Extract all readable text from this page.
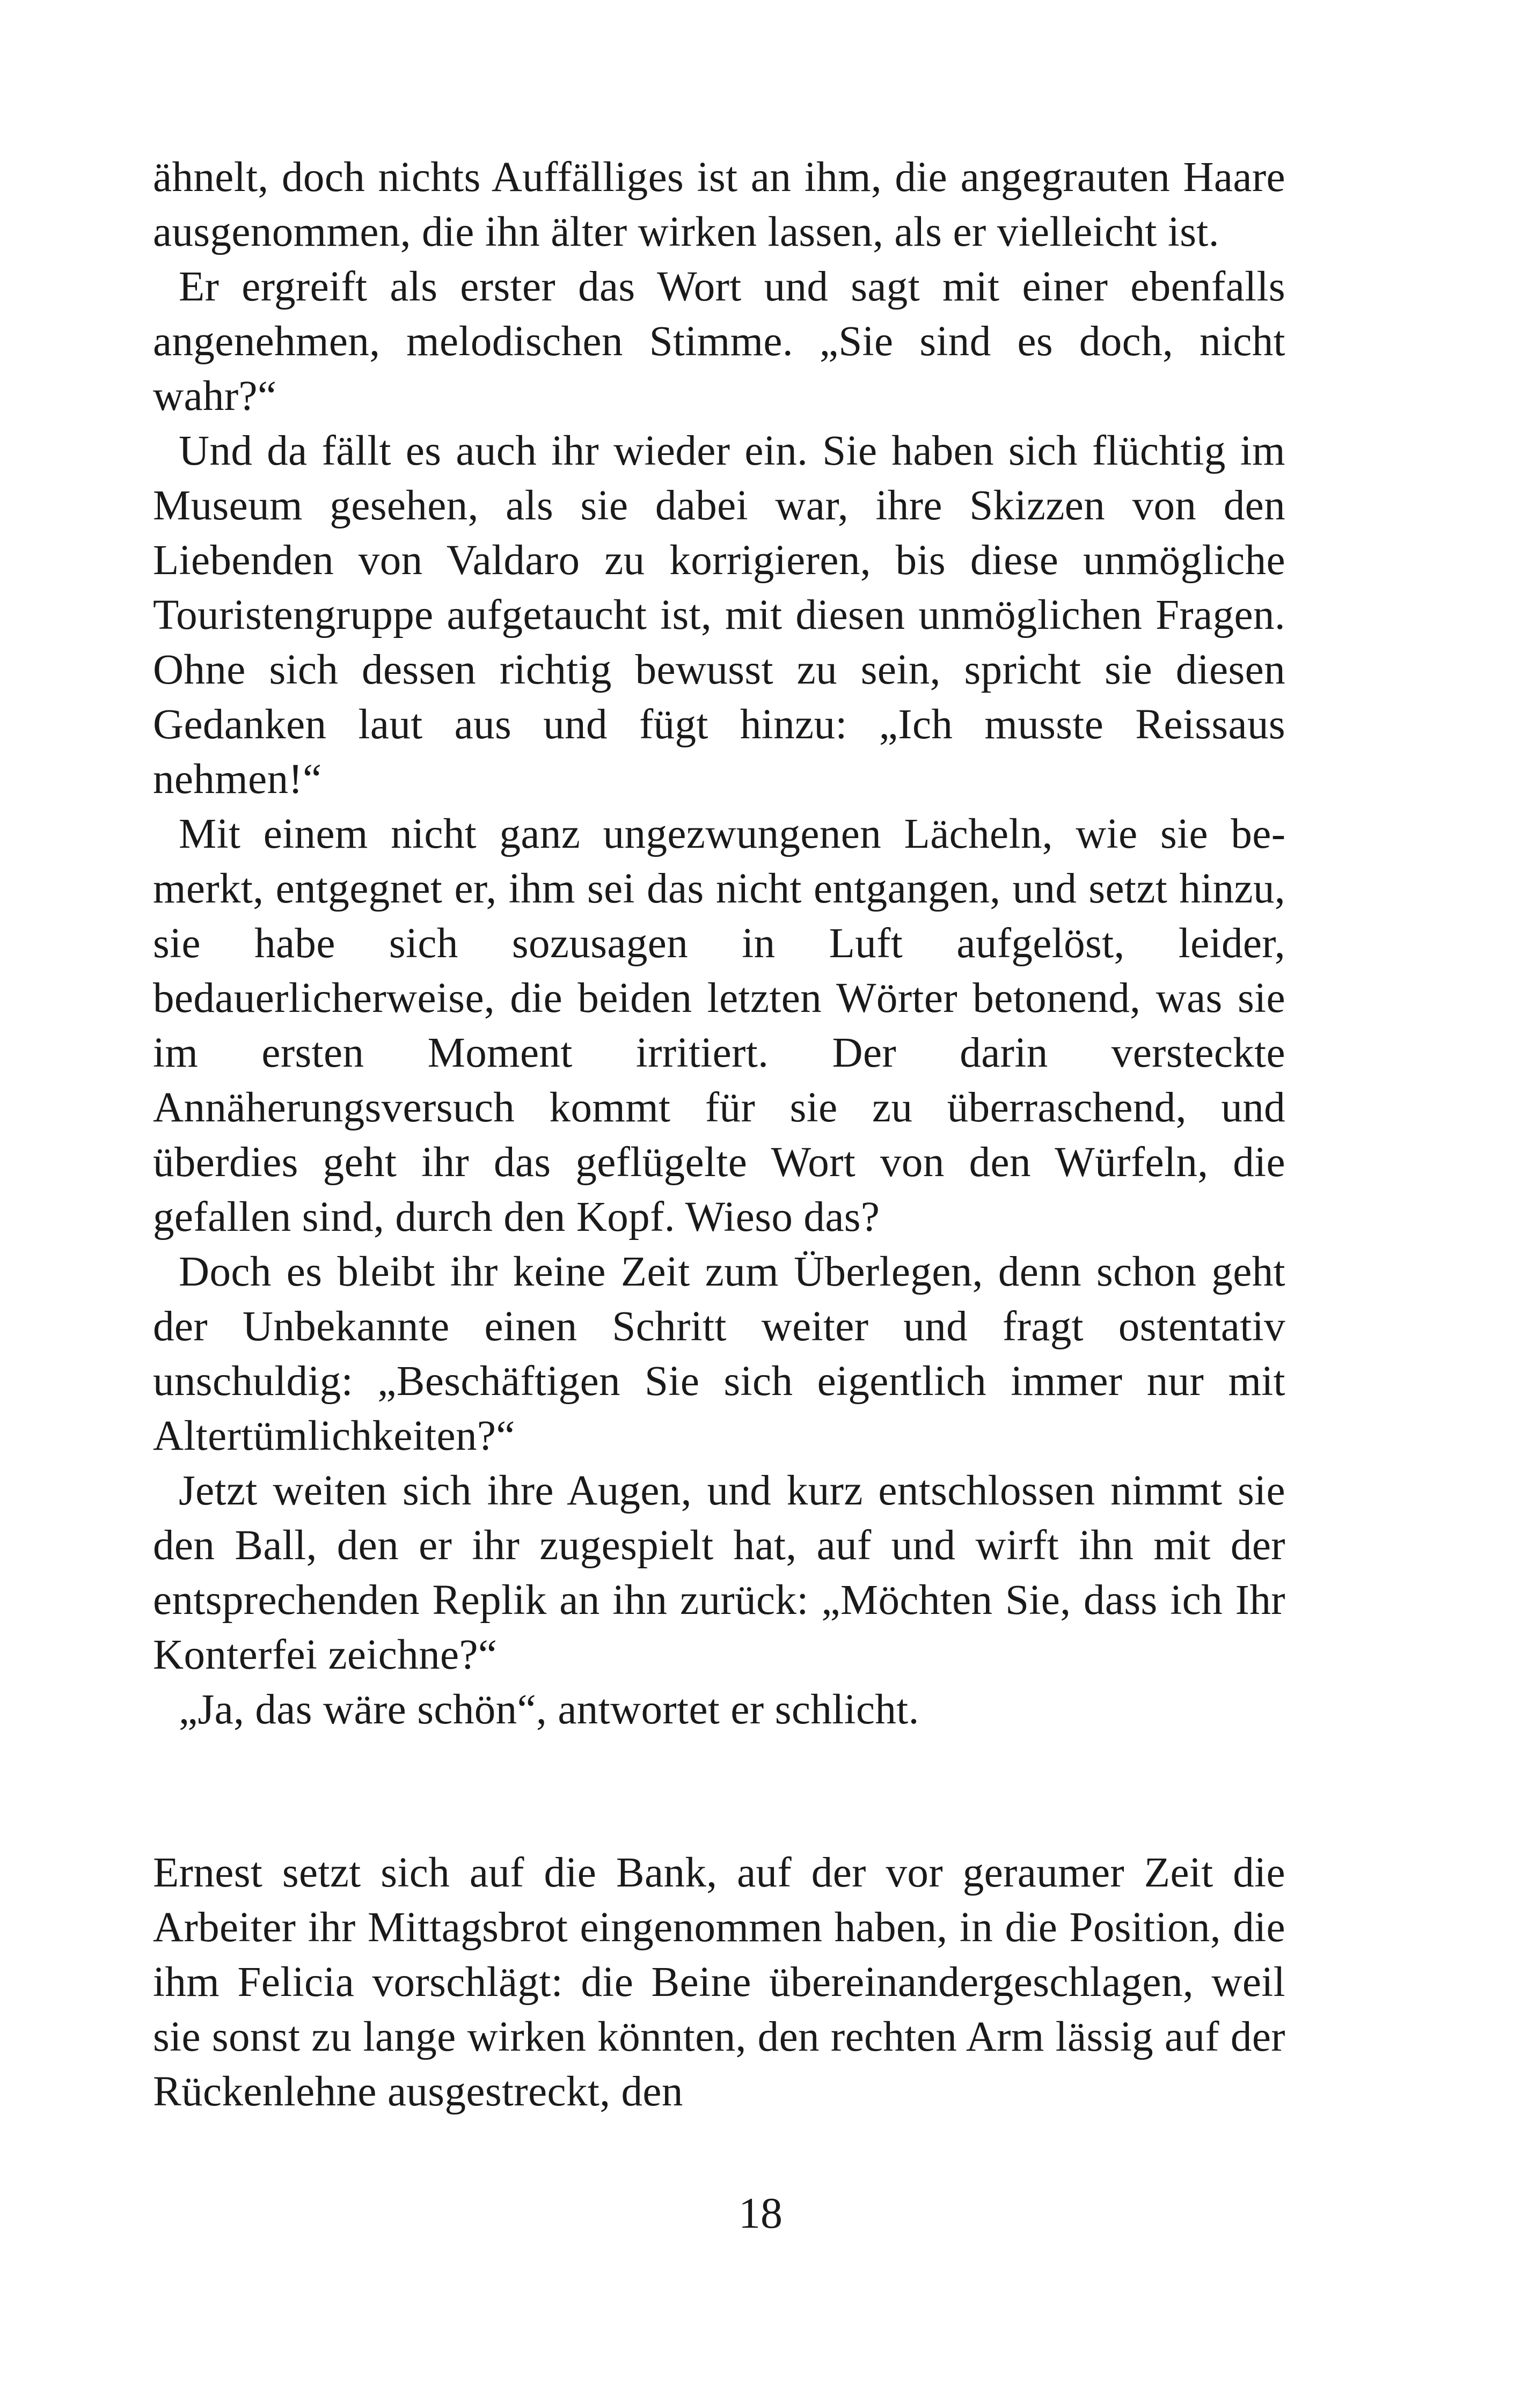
ähnelt, doch nichts Auffälliges ist an ihm, die angegrauten Haare ausgenommen, die ihn älter wirken lassen, als er vielleicht ist.

Er ergreift als erster das Wort und sagt mit einer ebenfalls angenehmen, melodischen Stimme. „Sie sind es doch, nicht wahr?“

Und da fällt es auch ihr wieder ein. Sie haben sich flüchtig im Museum gesehen, als sie dabei war, ihre Skizzen von den Liebenden von Valdaro zu korrigieren, bis diese unmögliche Touristengruppe aufgetaucht ist, mit diesen unmöglichen Fragen. Ohne sich dessen richtig bewusst zu sein, spricht sie diesen Gedanken laut aus und fügt hinzu: „Ich musste Reissaus nehmen!“

Mit einem nicht ganz ungezwungenen Lächeln, wie sie bemerkt, entgegnet er, ihm sei das nicht entgangen, und setzt hinzu, sie habe sich sozusagen in Luft aufgelöst, leider, bedauerlicherweise, die beiden letzten Wörter betonend, was sie im ersten Moment irritiert. Der darin versteckte Annäherungsversuch kommt für sie zu überraschend, und überdies geht ihr das geflügelte Wort von den Würfeln, die gefallen sind, durch den Kopf. Wieso das?

Doch es bleibt ihr keine Zeit zum Überlegen, denn schon geht der Unbekannte einen Schritt weiter und fragt ostentativ unschuldig: „Beschäftigen Sie sich eigentlich immer nur mit Altertümlichkeiten?“

Jetzt weiten sich ihre Augen, und kurz entschlossen nimmt sie den Ball, den er ihr zugespielt hat, auf und wirft ihn mit der entsprechenden Replik an ihn zurück: „Möchten Sie, dass ich Ihr Konterfei zeichne?“

„Ja, das wäre schön“, antwortet er schlicht.

Ernest setzt sich auf die Bank, auf der vor geraumer Zeit die Arbeiter ihr Mittagsbrot eingenommen haben, in die Position, die ihm Felicia vorschlägt: die Beine übereinandergeschlagen, weil sie sonst zu lange wirken könnten, den rechten Arm lässig auf der Rückenlehne ausgestreckt, den

18
